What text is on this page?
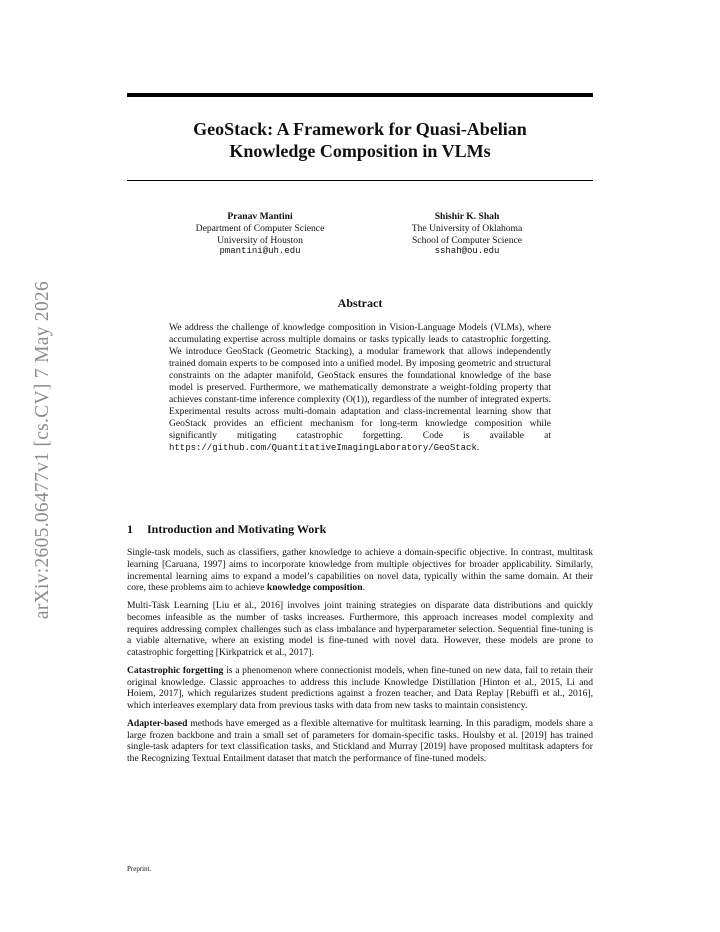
arXiv:2605.06477v1 [cs.CV] 7 May 2026
GeoStack: A Framework for Quasi-Abelian
Knowledge Composition in VLMs
Pranav Mantini
Department of Computer Science
University of Houston
pmantini@uh.edu
Shishir K. Shah
The University of Oklahoma
School of Computer Science
sshah@ou.edu
Abstract
We address the challenge of knowledge composition in Vision-Language Models (VLMs), where accumulating expertise across multiple domains or tasks typically leads to catastrophic forgetting. We introduce GeoStack (Geometric Stacking), a modular framework that allows independently trained domain experts to be composed into a unified model. By imposing geometric and structural constraints on the adapter manifold, GeoStack ensures the foundational knowledge of the base model is preserved. Furthermore, we mathematically demonstrate a weight-folding property that achieves constant-time inference complexity (O(1)), regardless of the number of integrated experts. Experimental results across multi-domain adaptation and class-incremental learning show that GeoStack provides an efficient mechanism for long-term knowledge composition while significantly mitigating catastrophic forgetting. Code is available at https://github.com/QuantitativeImagingLaboratory/GeoStack.
1 Introduction and Motivating Work

Single-task models, such as classifiers, gather knowledge to achieve a domain-specific objective. In contrast, multitask learning [Caruana, 1997] aims to incorporate knowledge from multiple objectives for broader applicability. Similarly, incremental learning aims to expand a model’s capabilities on novel data, typically within the same domain. At their core, these problems aim to achieve knowledge composition.

Multi-Task Learning [Liu et al., 2016] involves joint training strategies on disparate data distributions and quickly becomes infeasible as the number of tasks increases. Furthermore, this approach increases model complexity and requires addressing complex challenges such as class imbalance and hyperparameter selection. Sequential fine-tuning is a viable alternative, where an existing model is fine-tuned with novel data. However, these models are prone to catastrophic forgetting [Kirkpatrick et al., 2017].

Catastrophic forgetting is a phenomenon where connectionist models, when fine-tuned on new data, fail to retain their original knowledge. Classic approaches to address this include Knowledge Distillation [Hinton et al., 2015, Li and Hoiem, 2017], which regularizes student predictions against a frozen teacher, and Data Replay [Rebuffi et al., 2016], which interleaves exemplary data from previous tasks with data from new tasks to maintain consistency.

Adapter-based methods have emerged as a flexible alternative for multitask learning. In this paradigm, models share a large frozen backbone and train a small set of parameters for domain-specific tasks. Houlsby et al. [2019] has trained single-task adapters for text classification tasks, and Stickland and Murray [2019] have proposed multitask adapters for the Recognizing Textual Entailment dataset that match the performance of fine-tuned models.

Preprint.
